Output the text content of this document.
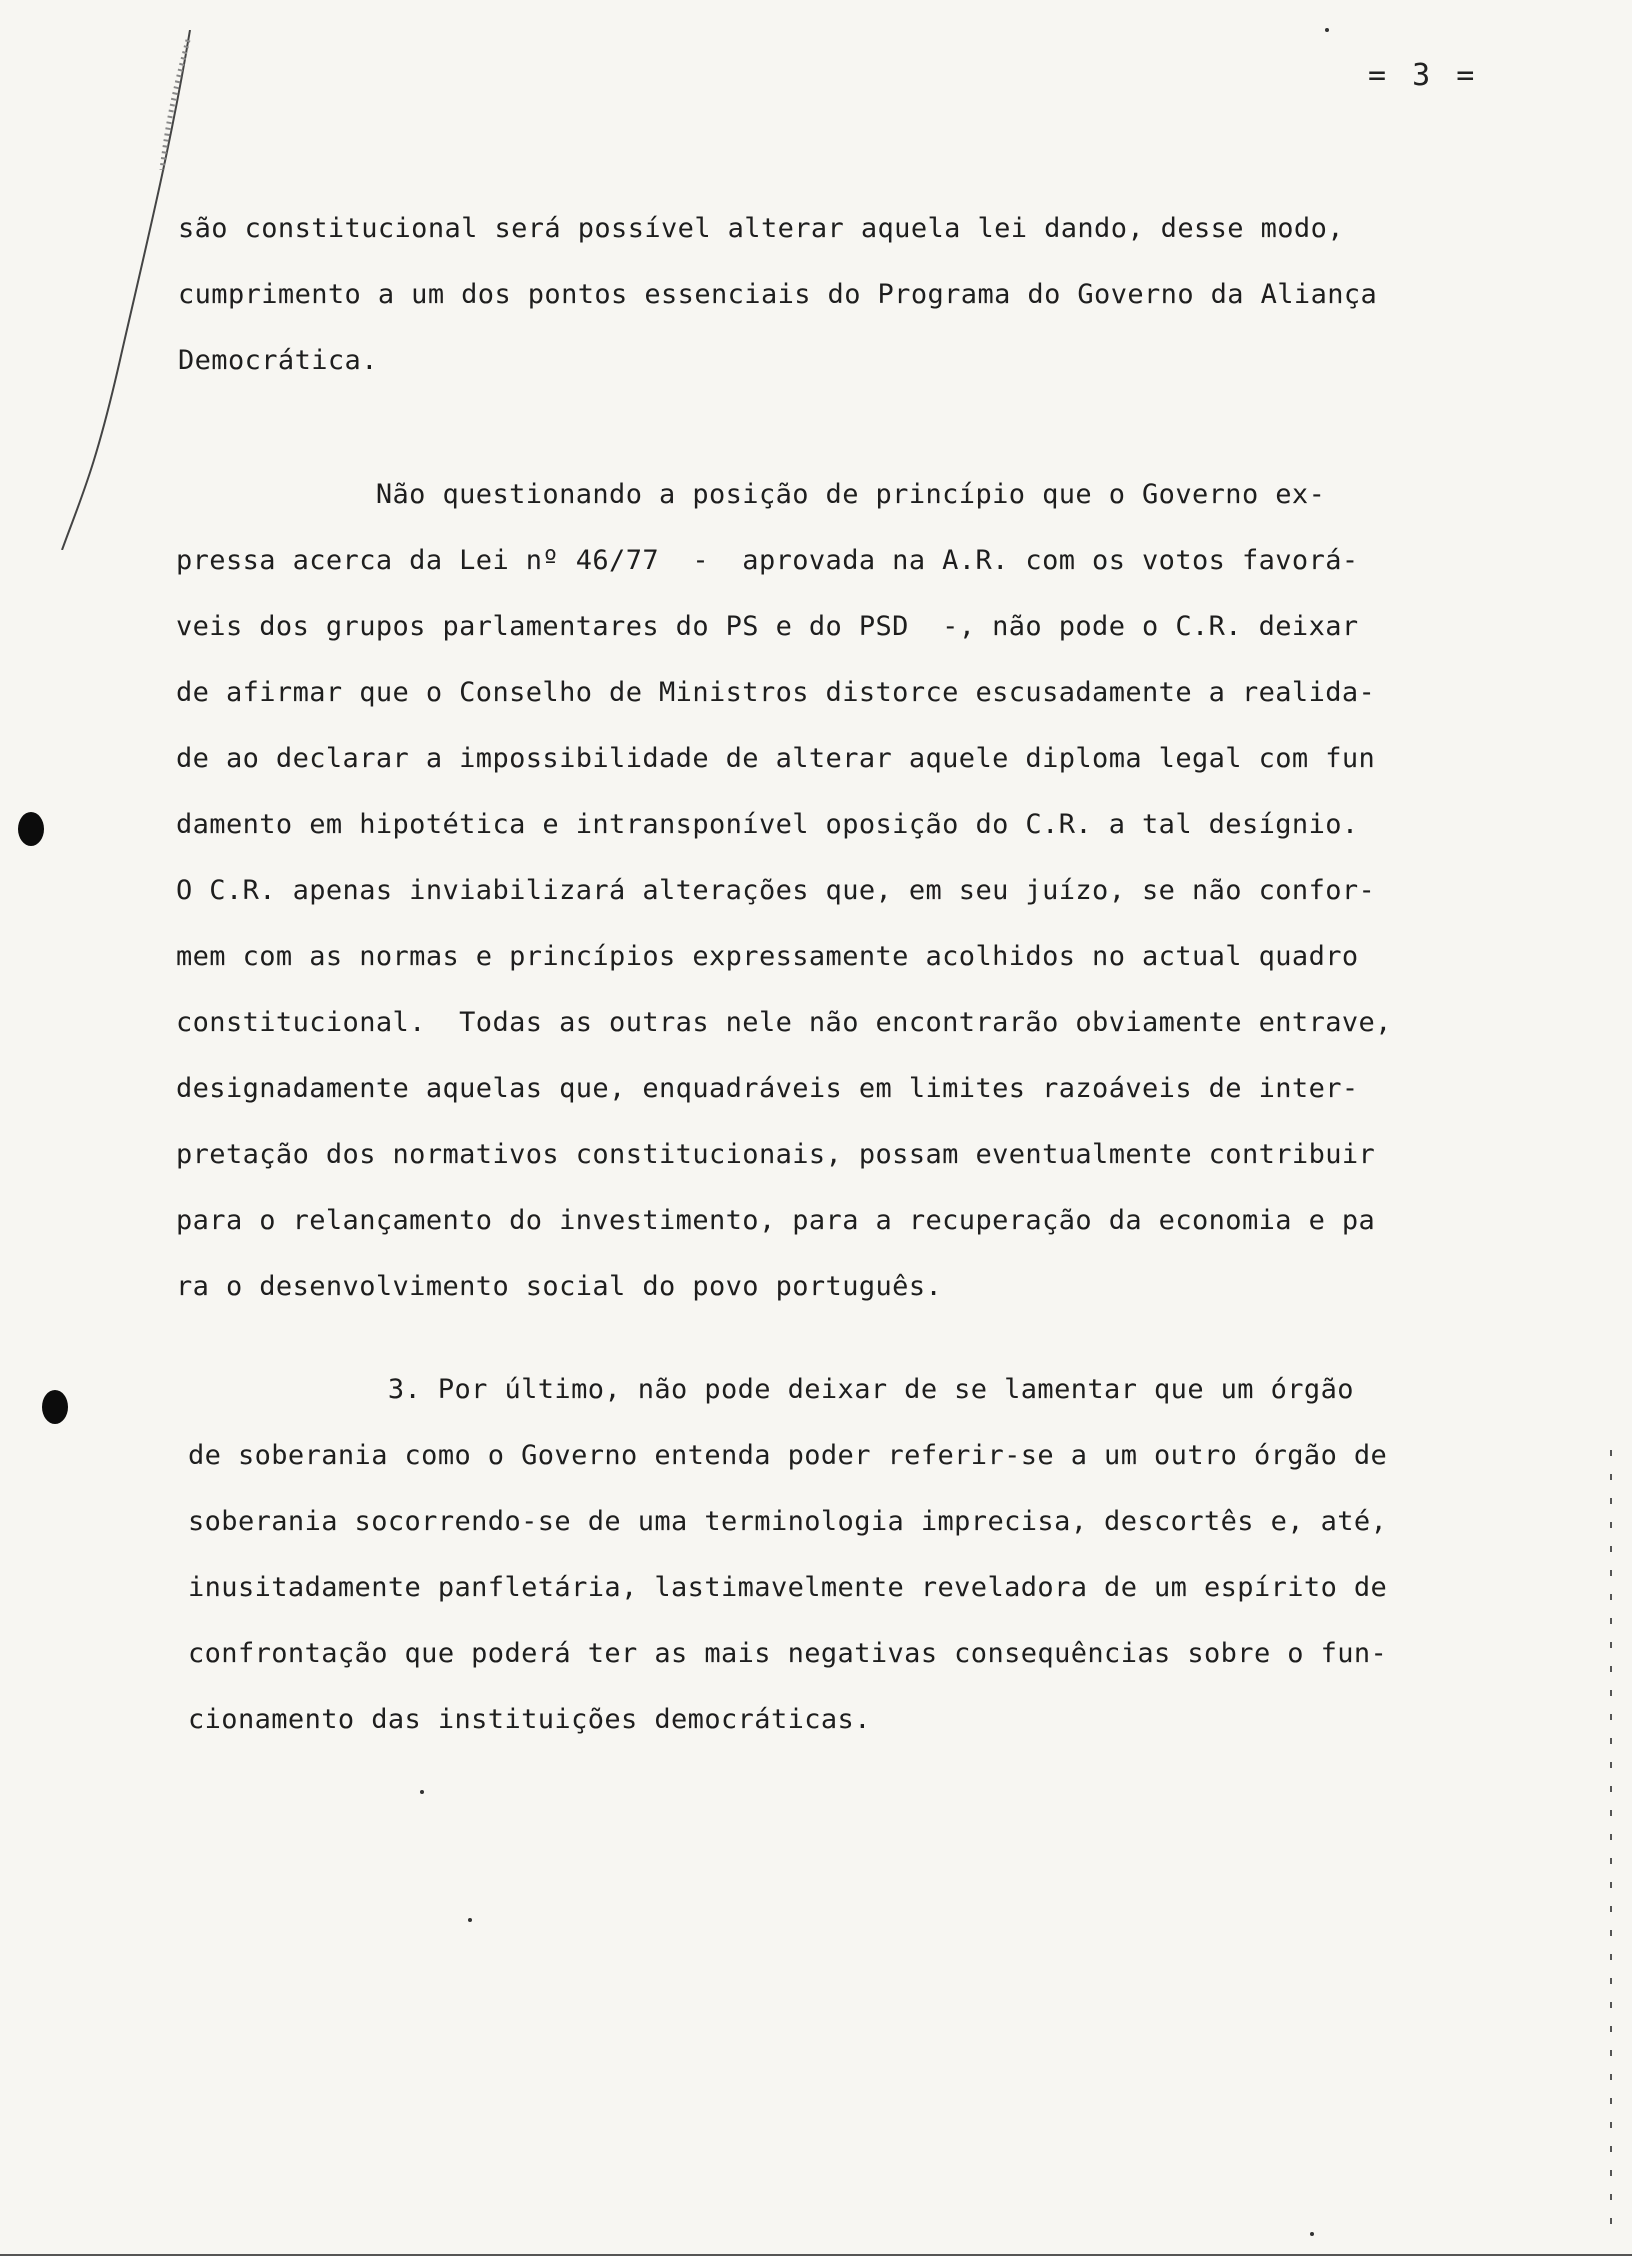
= 3 =
são constitucional será possível alterar aquela lei dando, desse modo,
cumprimento a um dos pontos essenciais do Programa do Governo da Aliança
Democrática.
Não questionando a posição de princípio que o Governo ex-
pressa acerca da Lei nº 46/77  -  aprovada na A.R. com os votos favorá-
veis dos grupos parlamentares do PS e do PSD  -, não pode o C.R. deixar
de afirmar que o Conselho de Ministros distorce escusadamente a realida-
de ao declarar a impossibilidade de alterar aquele diploma legal com fun
damento em hipotética e intransponível oposição do C.R. a tal desígnio.
O C.R. apenas inviabilizará alterações que, em seu juízo, se não confor-
mem com as normas e princípios expressamente acolhidos no actual quadro
constitucional.  Todas as outras nele não encontrarão obviamente entrave,
designadamente aquelas que, enquadráveis em limites razoáveis de inter-
pretação dos normativos constitucionais, possam eventualmente contribuir
para o relançamento do investimento, para a recuperação da economia e pa
ra o desenvolvimento social do povo português.
3. Por último, não pode deixar de se lamentar que um órgão
de soberania como o Governo entenda poder referir-se a um outro órgão de
soberania socorrendo-se de uma terminologia imprecisa, descortês e, até,
inusitadamente panfletária, lastimavelmente reveladora de um espírito de
confrontação que poderá ter as mais negativas consequências sobre o fun-
cionamento das instituições democráticas.
